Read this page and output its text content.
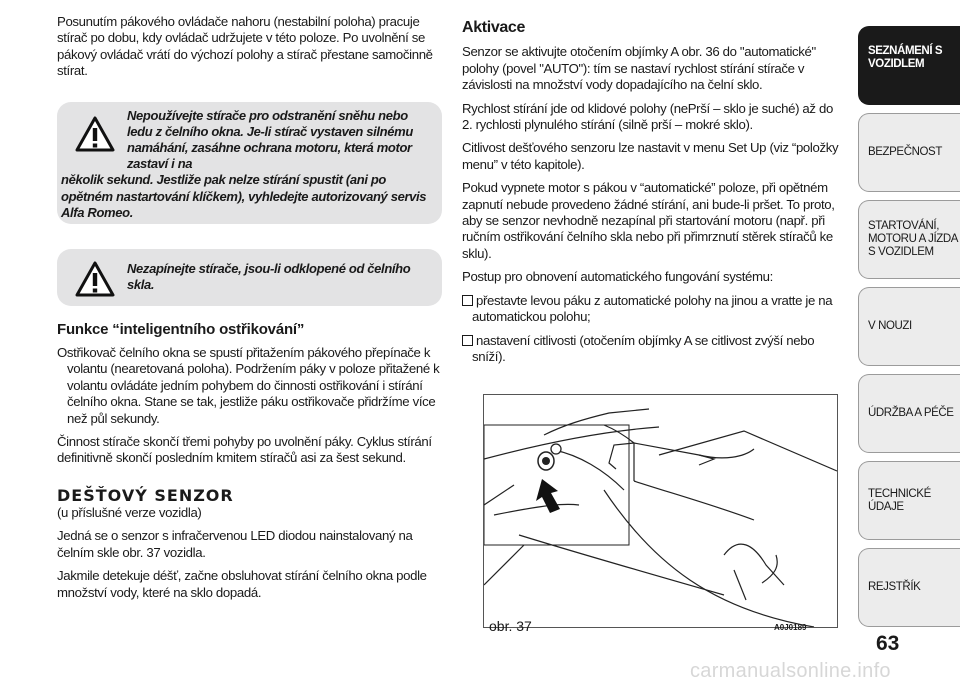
Posunutím pákového ovládače nahoru (nestabilní poloha) pracuje stírač po dobu, kdy ovládač udržujete v této poloze. Po uvolnění se pákový ovládač vrátí do výchozí polohy a stírač přestane samočinně stírat.

Nepoužívejte stírače pro odstranění sněhu nebo ledu z čelního okna. Je-li stírač vystaven silnému namáhání, zasáhne ochrana motoru, která motor zastaví i na
několik sekund. Jestliže pak nelze stírání spustit (ani po opětném nastartování klíčkem), vyhledejte autorizovaný servis Alfa Romeo.
Nezapínejte stírače, jsou-li odklopené od čelního skla.
Funkce “inteligentního ostřikování”

Ostřikovač čelního okna se spustí přitažením pákového přepínače k volantu (nearetovaná poloha). Podržením páky v poloze přitažené k volantu ovládáte jedním pohybem do činnosti ostřikování i stírání čelního okna. Stane se tak, jestliže páku ostřikovače přidržíme více než půl sekundy.

Činnost stírače skončí třemi pohyby po uvolnění páky. Cyklus stírání definitivně skončí posledním kmitem stíračů asi za šest sekund.

DEŠŤOVÝ SENZOR

(u příslušné verze vozidla)

Jedná se o senzor s infračervenou LED diodou nainstalovaný na čelním skle obr. 37 vozidla.

Jakmile detekuje déšť, začne obsluhovat stírání čelního okna podle množství vody, které na sklo dopadá.

Aktivace

Senzor se aktivujte otočením objímky A obr. 36 do "automatické" polohy (povel "AUTO"): tím se nastaví rychlost stírání stírače v závislosti na množství vody dopadajícího na čelní sklo.

Rychlost stírání jde od klidové polohy (nePrší – sklo je suché) až do 2. rychlosti plynulého stírání (silně prší – mokré sklo).

Citlivost dešťového senzoru lze nastavit v menu Set Up (viz “položky menu” v této kapitole).

Pokud vypnete motor s pákou v “automatické” poloze, při opětném zapnutí nebude provedeno žádné stírání, ani bude-li pršet. To proto, aby se senzor nevhodně nezapínal při startování motoru (např. při ručním ostřikování čelního skla nebo při přimrznutí stěrek stíračů ke sklu).

Postup pro obnovení automatického fungování systému:

přestavte levou páku z automatické polohy na jinou a vratte je na automatickou polohu;

nastavení citlivosti (otočením objímky A se citlivost zvýší nebo sníží).

obr. 37	A0J0189
SEZNÁMENÍ S VOZIDLEM
BEZPEČNOST
STARTOVÁNÍ, MOTORU A JÍZDA S VOZIDLEM
V NOUZI
ÚDRŽBA A PÉČE
TECHNICKÉ ÚDAJE
REJSTŘÍK
63
carmanualsonline.info
